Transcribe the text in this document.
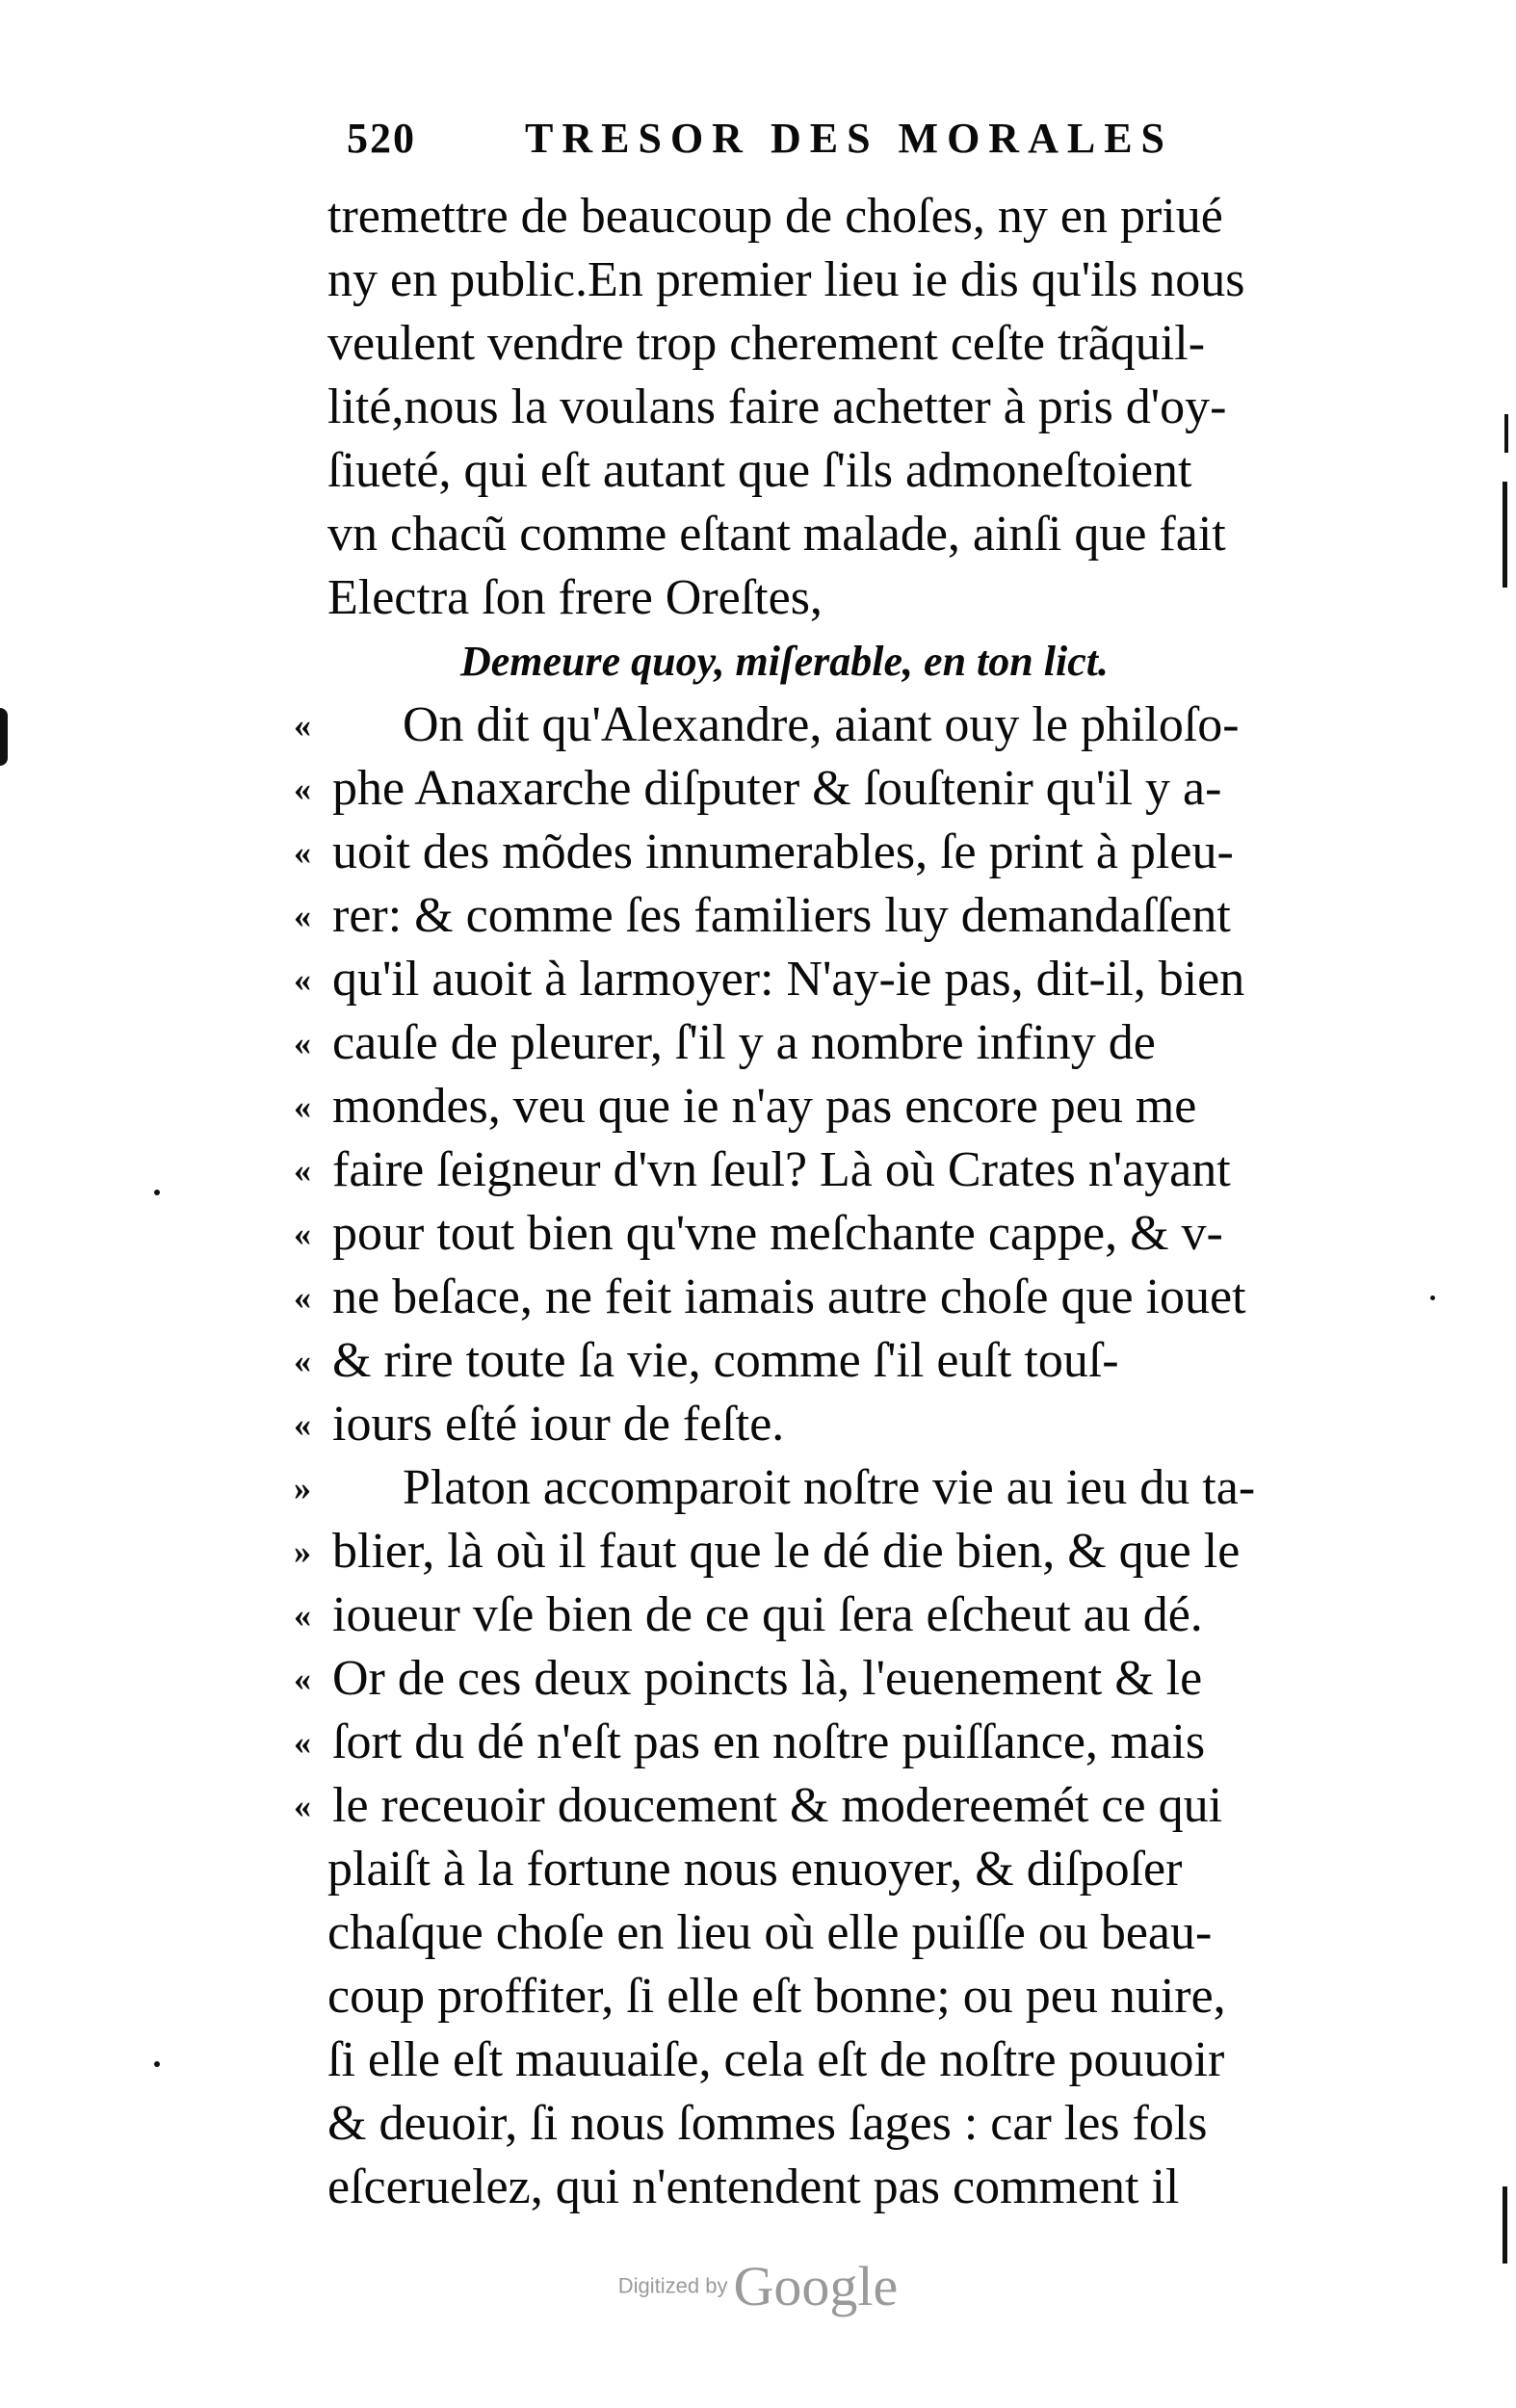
520	TRESOR DES MORALES
tremettre de beaucoup de choſes, ny en priué
ny en public.En premier lieu ie dis qu'ils nous
veulent vendre trop cherement ceſte trãquil-
lité,nous la voulans faire achetter à pris d'oy-
ſiueté, qui eſt autant que ſ'ils admoneſtoient
vn chacũ comme eſtant malade, ainſi que fait
Electra ſon frere Oreſtes,
Demeure quoy, miſerable, en ton lict.
«	On dit qu'Alexandre, aiant ouy le philoſo-
« phe Anaxarche diſputer & ſouſtenir qu'il y a-
« uoit des mõdes innumerables, ſe print à pleu-
« rer: & comme ſes familiers luy demandaſſent
« qu'il auoit à larmoyer: N'ay-ie pas, dit-il, bien
« cauſe de pleurer, ſ'il y a nombre infiny de
« mondes, veu que ie n'ay pas encore peu me
« faire ſeigneur d'vn ſeul? Là où Crates n'ayant
« pour tout bien qu'vne meſchante cappe, & v-
« ne beſace, ne feit iamais autre choſe que iouet
« & rire toute ſa vie, comme ſ'il euſt touſ-
« iours eſté iour de feſte.
»	Platon accomparoit noſtre vie au ieu du ta-
» blier, là où il faut que le dé die bien, & que le
« ioueur vſe bien de ce qui ſera eſcheut au dé.
« Or de ces deux poincts là, l'euenement & le
« ſort du dé n'eſt pas en noſtre puiſſance, mais
« le receuoir doucement & modereemét ce qui
plaiſt à la fortune nous enuoyer, & diſpoſer
chaſque choſe en lieu où elle puiſſe ou beau-
coup proffiter, ſi elle eſt bonne; ou peu nuire,
ſi elle eſt mauuaiſe, cela eſt de noſtre pouuoir
& deuoir, ſi nous ſommes ſages : car les fols
eſceruelez, qui n'entendent pas comment il
Digitized by Google
